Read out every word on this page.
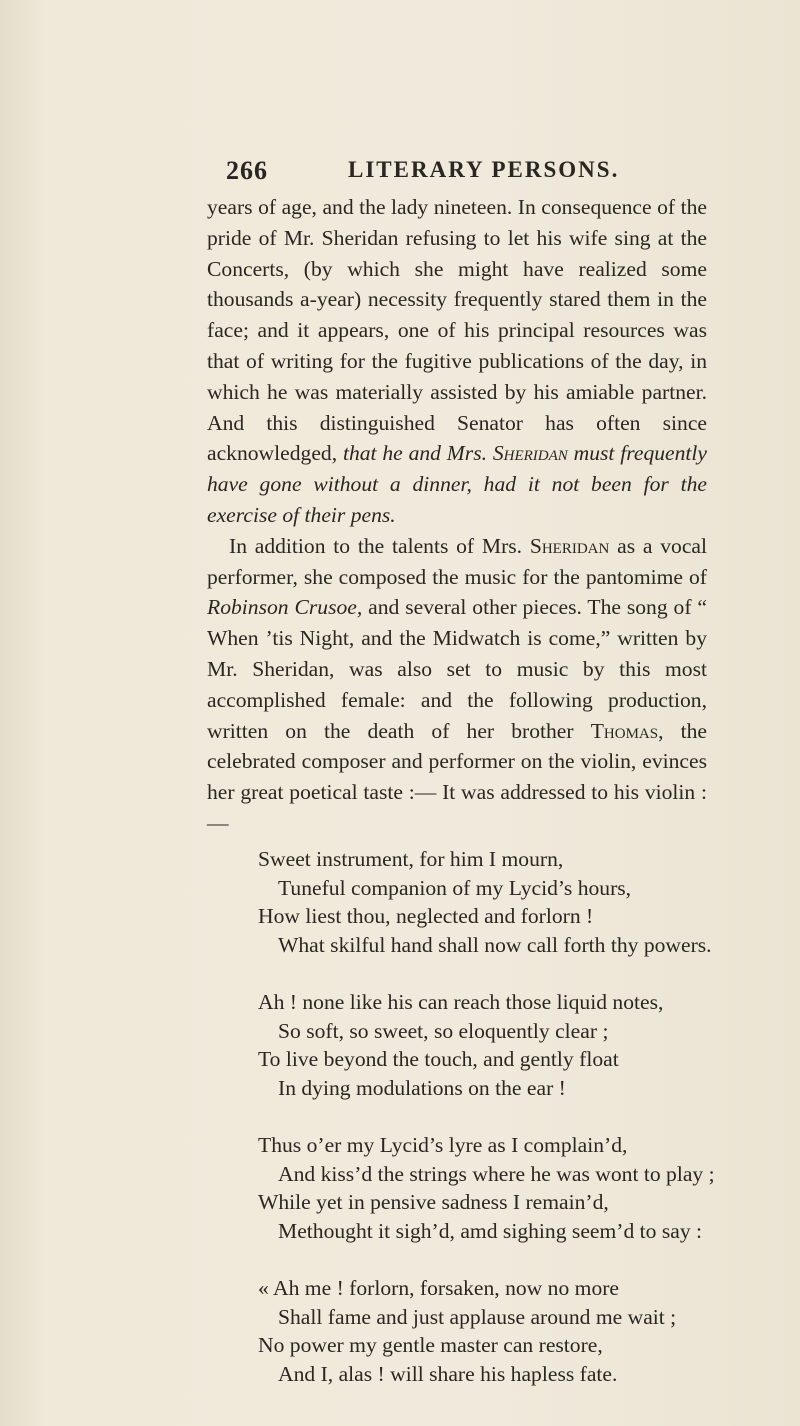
266	LITERARY PERSONS.

years of age, and the lady nineteen. In consequence of the pride of Mr. Sheridan refusing to let his wife sing at the Concerts, (by which she might have realized some thousands a-year) necessity frequently stared them in the face; and it appears, one of his principal resources was that of writing for the fugitive publications of the day, in which he was materially assisted by his amiable partner. And this distinguished Senator has often since acknowledged, that he and Mrs. Sheridan must frequently have gone without a dinner, had it not been for the exercise of their pens.

In addition to the talents of Mrs. Sheridan as a vocal performer, she composed the music for the pantomime of Robinson Crusoe, and several other pieces. The song of “ When ’tis Night, and the Midwatch is come,” written by Mr. Sheridan, was also set to music by this most accomplished female: and the following production, written on the death of her brother Thomas, the celebrated composer and performer on the violin, evinces her great poetical taste :— It was addressed to his violin :—

Sweet instrument, for him I mourn,
Tuneful companion of my Lycid’s hours,
How liest thou, neglected and forlorn !
What skilful hand shall now call forth thy powers.
Ah ! none like his can reach those liquid notes,
So soft, so sweet, so eloquently clear ;
To live beyond the touch, and gently float
In dying modulations on the ear !
Thus o’er my Lycid’s lyre as I complain’d,
And kiss’d the strings where he was wont to play ;
While yet in pensive sadness I remain’d,
Methought it sigh’d, amd sighing seem’d to say :
« Ah me ! forlorn, forsaken, now no more
Shall fame and just applause around me wait ;
No power my gentle master can restore,
And I, alas ! will share his hapless fate.
